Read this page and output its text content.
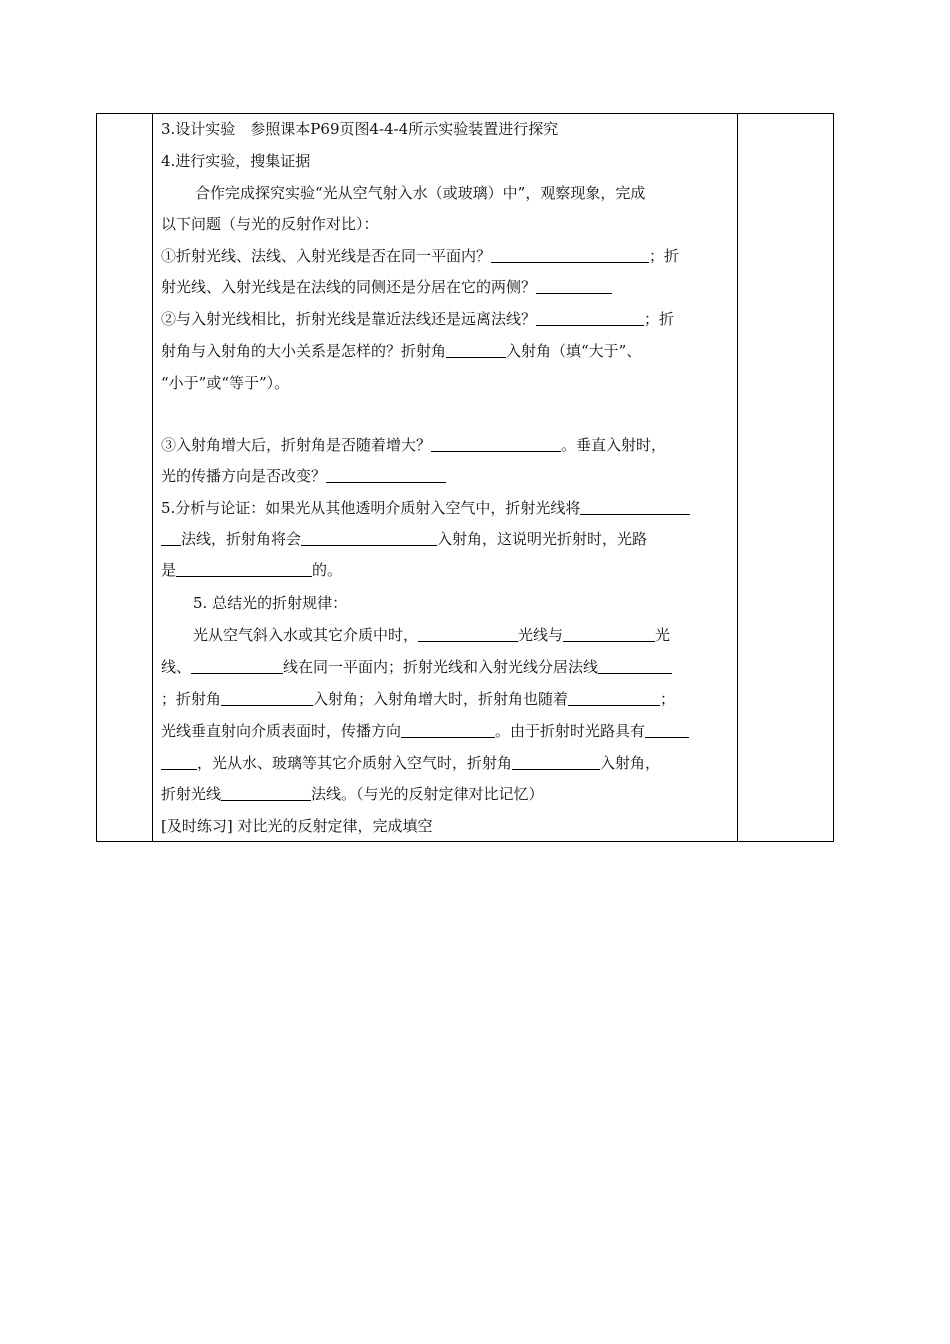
3.设计实验　参照课本P69页图4-4-4所示实验装置进行探究
4.进行实验，搜集证据
合作完成探究实验“光从空气射入水（或玻璃）中”，观察现象，完成
以下问题（与光的反射作对比）：
①折射光线、法线、入射光线是否在同一平面内？	；折
射光线、入射光线是在法线的同侧还是分居在它的两侧？
②与入射光线相比，折射光线是靠近法线还是远离法线？	；折
射角与入射角的大小关系是怎样的？折射角	入射角（填“大于”、
“小于”或“等于”）。
③入射角增大后，折射角是否随着增大？	。垂直入射时，
光的传播方向是否改变？
5.分析与论证：如果光从其他透明介质射入空气中，折射光线将
法线，折射角将会	入射角，这说明光折射时，光路
是	的。
5. 总结光的折射规律：
光从空气斜入水或其它介质中时，	光线与	光
线、	线在同一平面内；折射光线和入射光线分居法线
；折射角	入射角；入射角增大时，折射角也随着	；
光线垂直射向介质表面时，传播方向	。由于折射时光路具有
，光从水、玻璃等其它介质射入空气时，折射角	入射角，
折射光线	法线。（与光的反射定律对比记忆）
[及时练习] 对比光的反射定律，完成填空
